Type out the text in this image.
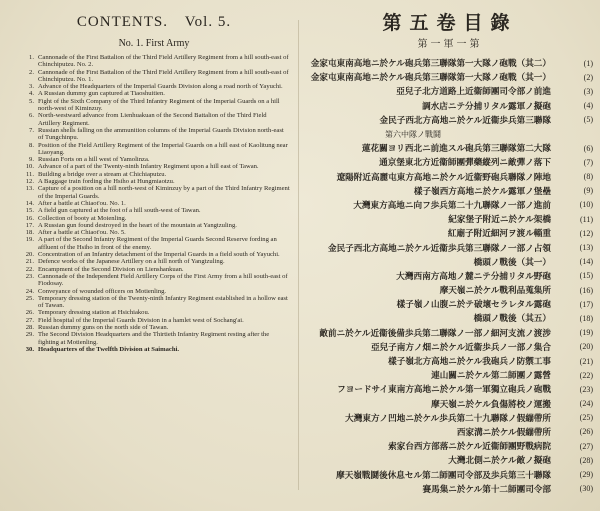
CONTENTS. Vol. 5.
No. 1. First Army
1. Cannonade of the First Battalion of the Third Field Artillery Regiment from a hill south-east of Chinchiputzu. No. 2.
2. Cannonade of the First Battalion of the Third Field Artillery Regiment from a hill south-east of Chinchiputzu. No. 1.
3. Advance of the Headquarters of the Imperial Guards Division along a road north of Yayuchi.
4. A Russian dummy gun captured at Tiaoshuitien.
5. Fight of the Sixth Company of the Third Infantry Regiment of the Imperial Guards on a hill north-west of Kiminzuy.
6. North-westward advance from Lienhuakuan of the Second Battalion of the Third Field Artillery Regiment.
7. Russian shells falling on the ammunition columns of the Imperial Guards Division north-east of Tungchinpu.
8. Position of the Field Artillery Regiment of the Imperial Guards on a hill east of Kaolitung near Liaoyang.
9. Russian Forts on a hill west of Yamolinza.
10. Advance of a part of the Twenty-ninth Infantry Regiment upon a hill east of Tawan.
11. Building a bridge over a stream at Chichiaputzu.
12. A Baggage train fording the Hsiho at Hungmiaotzu.
13. Capture of a position on a hill north-west of Kiminzuy by a part of the Third Infantry Regiment of the Imperial Guards.
14. After a battle at Chiaot'ou. No. 1.
15. A field gun captured at the foot of a hill south-west of Tawan.
16. Collection of booty at Moienling.
17. A Russian gun found destroyed in the heart of the mountain at Yangtzuling.
18. After a battle at Chiaot'ou. No. 5.
19. A part of the Second Infantry Regiment of the Imperial Guards Second Reserve fording an affluent of the Hsiho in front of the enemy.
20. Concentration of an Infantry detachment of the Imperial Guards in a field south of Yayuchi.
21. Defence works of the Japanese Artillery on a hill north of Yangtzuling.
22. Encampment of the Second Division on Lienshankuan.
23. Cannonade of the Independent Field Artillery Corps of the First Army from a hill south-east of Fiodosay.
24. Conveyance of wounded officers on Motienling.
25. Temporary dressing station of the Twenty-ninth Infantry Regiment established in a hollow east of Tawan.
26. Temporary dressing station at Hsichiakou.
27. Field hospital of the Imperial Guards Division in a hamlet west of Sochang'ai.
28. Russian dummy guns on the north side of Tawan.
29. The Second Division Headquarters and the Thirtieth Infantry Regiment resting after the fighting at Motienling.
30. Headquarters of the Twelfth Division at Saimachi.
第五卷目錄
第一軍一第
金家屯東南高地ニ於ケル砲兵第三聯隊第一大隊ノ砲戰（其二）	(1)
金家屯東南高地ニ於ケル砲兵第三聯隊第一大隊ノ砲戰（其一）	(2)
亞兒子北方道路上近衞師團司令部ノ前進	(3)
調水店ニテ分捕リタル露軍ノ擬砲	(4)
金民子西北方高地ニ於ケル近衞歩兵第三聯隊	(5)
第六中隊ノ戰鬪
蓮花關ヨリ西北ニ前進スル砲兵第三聯隊第二大隊	(6)
通京堡東北方近衞師團彈藥縱列ニ敵彈ノ落下	(7)
遼陽附近高麗屯東方高地ニ於ケル近衞野砲兵聯隊ノ陣地	(8)
樣子嶺西方高地ニ於ケル露軍ノ堡壘	(9)
大灣東方高地ニ向フ歩兵第二十九聯隊ノ一部ノ進前	(10)
紀家堡子附近ニ於ケル架橋	(11)
紅廟子附近細河ヲ渡ル輜重	(12)
金民子西北方高地ニ於ケル近衞歩兵第三聯隊ノ一部ノ占領	(13)
橋頭ノ戰後（其一）	(14)
大灣西南方高地ノ麓ニテ分捕リタル野砲	(15)
摩天嶺ニ於ケル戰利品蒐集所	(16)
樣子嶺ノ山腹ニ於テ破壞セラレタル露砲	(17)
橋頭ノ戰後（其五）	(18)
敵前ニ於ケル近衞後備歩兵第二聯隊ノ一部ノ細河支流ノ渡涉	(19)
亞兒子南方ノ畑ニ於ケル近衞歩兵ノ一部ノ集合	(20)
樣子嶺北方高地ニ於ケル我砲兵ノ防禦工事	(21)
連山關ニ於ケル第二師團ノ露營	(22)
フヨードサイ東南方高地ニ於ケル第一軍獨立砲兵ノ砲戰	(23)
摩天嶺ニ於ケル負傷將校ノ運搬	(24)
大灣東方ノ凹地ニ於ケル歩兵第二十九聯隊ノ假繃帶所	(25)
西家溝ニ於ケル假繃帶所	(26)
索家台西方部落ニ於ケル近衞師團野戰病院	(27)
大灣北側ニ於ケル敵ノ擬砲	(28)
摩天嶺戰鬪後休息セル第二師團司令部及歩兵第三十聯隊	(29)
賽馬集ニ於ケル第十二師團司令部	(30)
